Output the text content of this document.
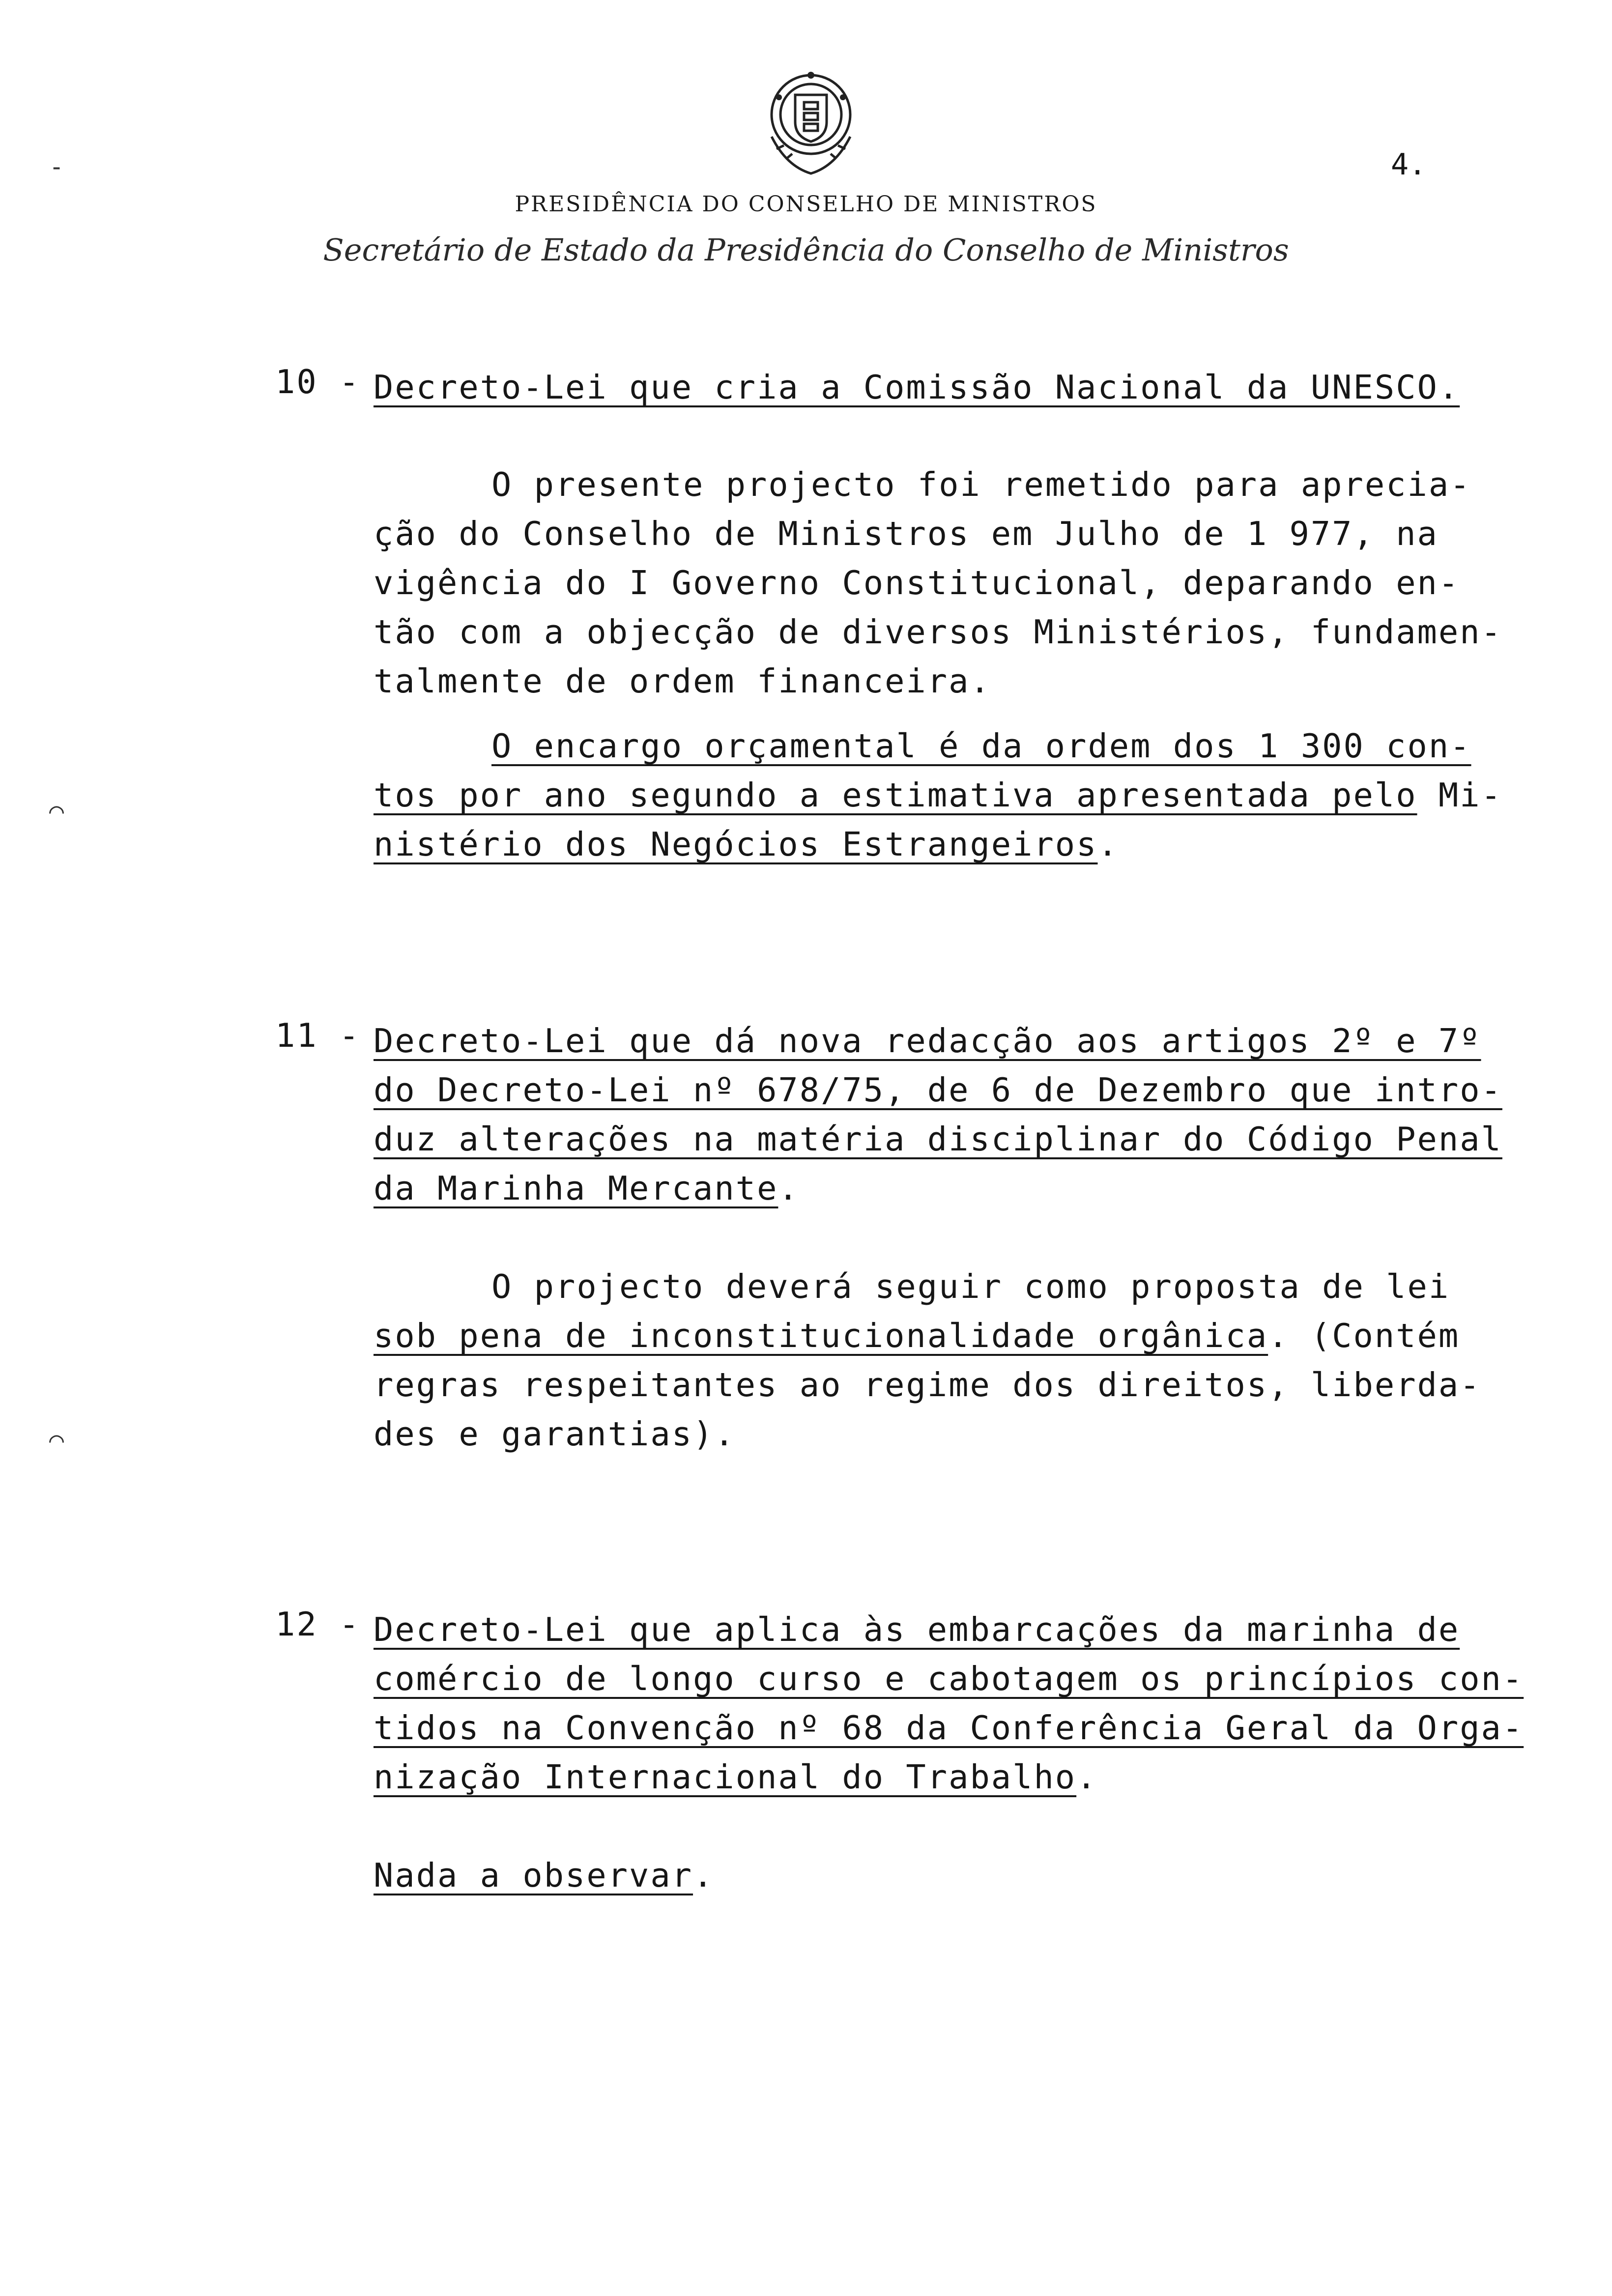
-
⌒
⌒
PRESIDÊNCIA DO CONSELHO DE MINISTROS
Secretário de Estado da Presidência do Conselho de Ministros
4.
10 - Decreto-Lei que cria a Comissão Nacional da UNESCO.
O presente projecto foi remetido para aprecia-
ção do Conselho de Ministros em Julho de 1 977, na
vigência do I Governo Constitucional, deparando en-
tão com a objecção de diversos Ministérios, fundamen-
talmente de ordem financeira.
O encargo orçamental é da ordem dos 1 300 con-
tos por ano segundo a estimativa apresentada pelo Mi-
nistério dos Negócios Estrangeiros.
11 - Decreto-Lei que dá nova redacção aos artigos 2º e 7º
do Decreto-Lei nº 678/75, de 6 de Dezembro que intro-
duz alterações na matéria disciplinar do Código Penal
da Marinha Mercante.
O projecto deverá seguir como proposta de lei
sob pena de inconstitucionalidade orgânica. (Contém
regras respeitantes ao regime dos direitos, liberda-
des e garantias).
12 - Decreto-Lei que aplica às embarcações da marinha de
comércio de longo curso e cabotagem os princípios con-
tidos na Convenção nº 68 da Conferência Geral da Orga-
nização Internacional do Trabalho.
Nada a observar.
